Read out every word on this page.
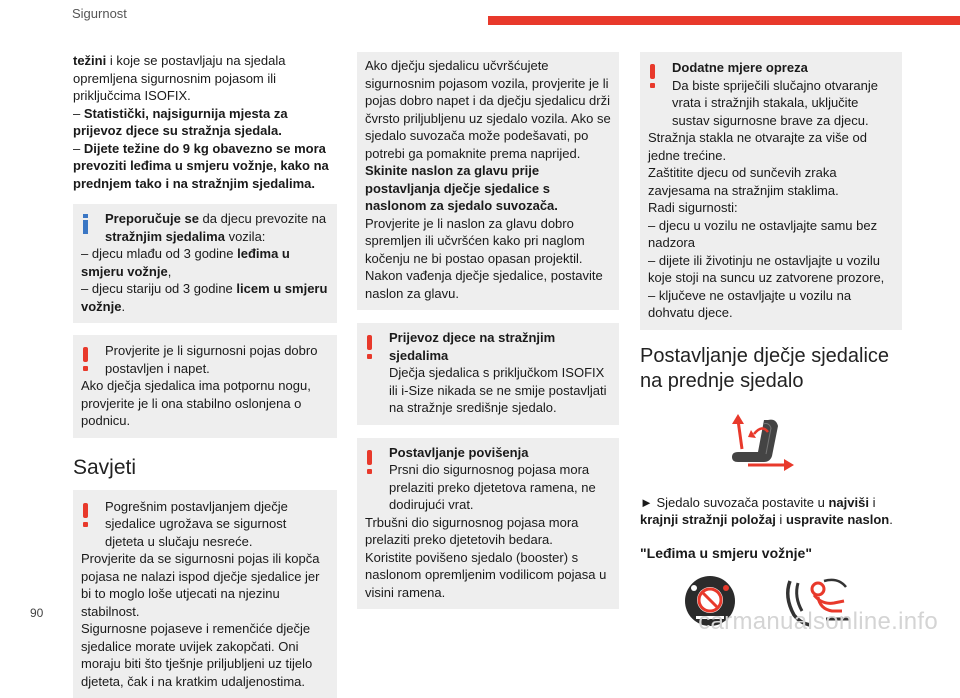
Sigurnost

težini i koje se postavljaju na sjedala opremljena sigurnosnim pojasom ili priključcima ISOFIX.

– Statistički, najsigurnija mjesta za prijevoz djece su stražnja sjedala.

– Dijete težine do 9 kg obavezno se mora prevoziti leđima u smjeru vožnje, kako na prednjem tako i na stražnjim sjedalima.

Preporučuje se da djecu prevozite na stražnjim sjedalima vozila:

– djecu mlađu od 3 godine leđima u smjeru vožnje,

– djecu stariju od 3 godine licem u smjeru vožnje.

Provjerite je li sigurnosni pojas dobro postavljen i napet.

Ako dječja sjedalica ima potpornu nogu, provjerite je li ona stabilno oslonjena o podnicu.

Savjeti

Pogrešnim postavljanjem dječje sjedalice ugrožava se sigurnost djeteta u slučaju nesreće.

Provjerite da se sigurnosni pojas ili kopča pojasa ne nalazi ispod dječje sjedalice jer bi to moglo loše utjecati na njezinu stabilnost.

Sigurnosne pojaseve i remenčiće dječje sjedalice morate uvijek zakopčati. Oni moraju biti što tješnje priljubljeni uz tijelo djeteta, čak i na kratkim udaljenostima.

Ako dječju sjedalicu učvršćujete sigurnosnim pojasom vozila, provjerite je li pojas dobro napet i da dječju sjedalicu drži čvrsto priljubljenu uz sjedalo vozila. Ako se sjedalo suvozača može podešavati, po potrebi ga pomaknite prema naprijed.

Skinite naslon za glavu prije postavljanja dječje sjedalice s naslonom za sjedalo suvozača.

Provjerite je li naslon za glavu dobro spremljen ili učvršćen kako pri naglom kočenju ne bi postao opasan projektil. Nakon vađenja dječje sjedalice, postavite naslon za glavu.

Prijevoz djece na stražnjim sjedalima

Dječja sjedalica s priključkom ISOFIX ili i-Size nikada se ne smije postavljati na stražnje središnje sjedalo.

Postavljanje povišenja

Prsni dio sigurnosnog pojasa mora prelaziti preko djetetova ramena, ne dodirujući vrat.

Trbušni dio sigurnosnog pojasa mora prelaziti preko djetetovih bedara.

Koristite povišeno sjedalo (booster) s naslonom opremljenim vodilicom pojasa u visini ramena.

Dodatne mjere opreza

Da biste spriječili slučajno otvaranje vrata i stražnjih stakala, uključite sustav sigurnosne brave za djecu.

Stražnja stakla ne otvarajte za više od jedne trećine.

Zaštitite djecu od sunčevih zraka zavjesama na stražnjim staklima.

Radi sigurnosti:

– djecu u vozilu ne ostavljajte samu bez nadzora

– dijete ili životinju ne ostavljajte u vozilu koje stoji na suncu uz zatvorene prozore,

– ključeve ne ostavljajte u vozilu na dohvatu djece.

Postavljanje dječje sjedalice na prednje sjedalo

► Sjedalo suvozača postavite u najviši i krajnji stražnji položaj i uspravite naslon.

"Leđima u smjeru vožnje"
90	carmanualsonline.info
